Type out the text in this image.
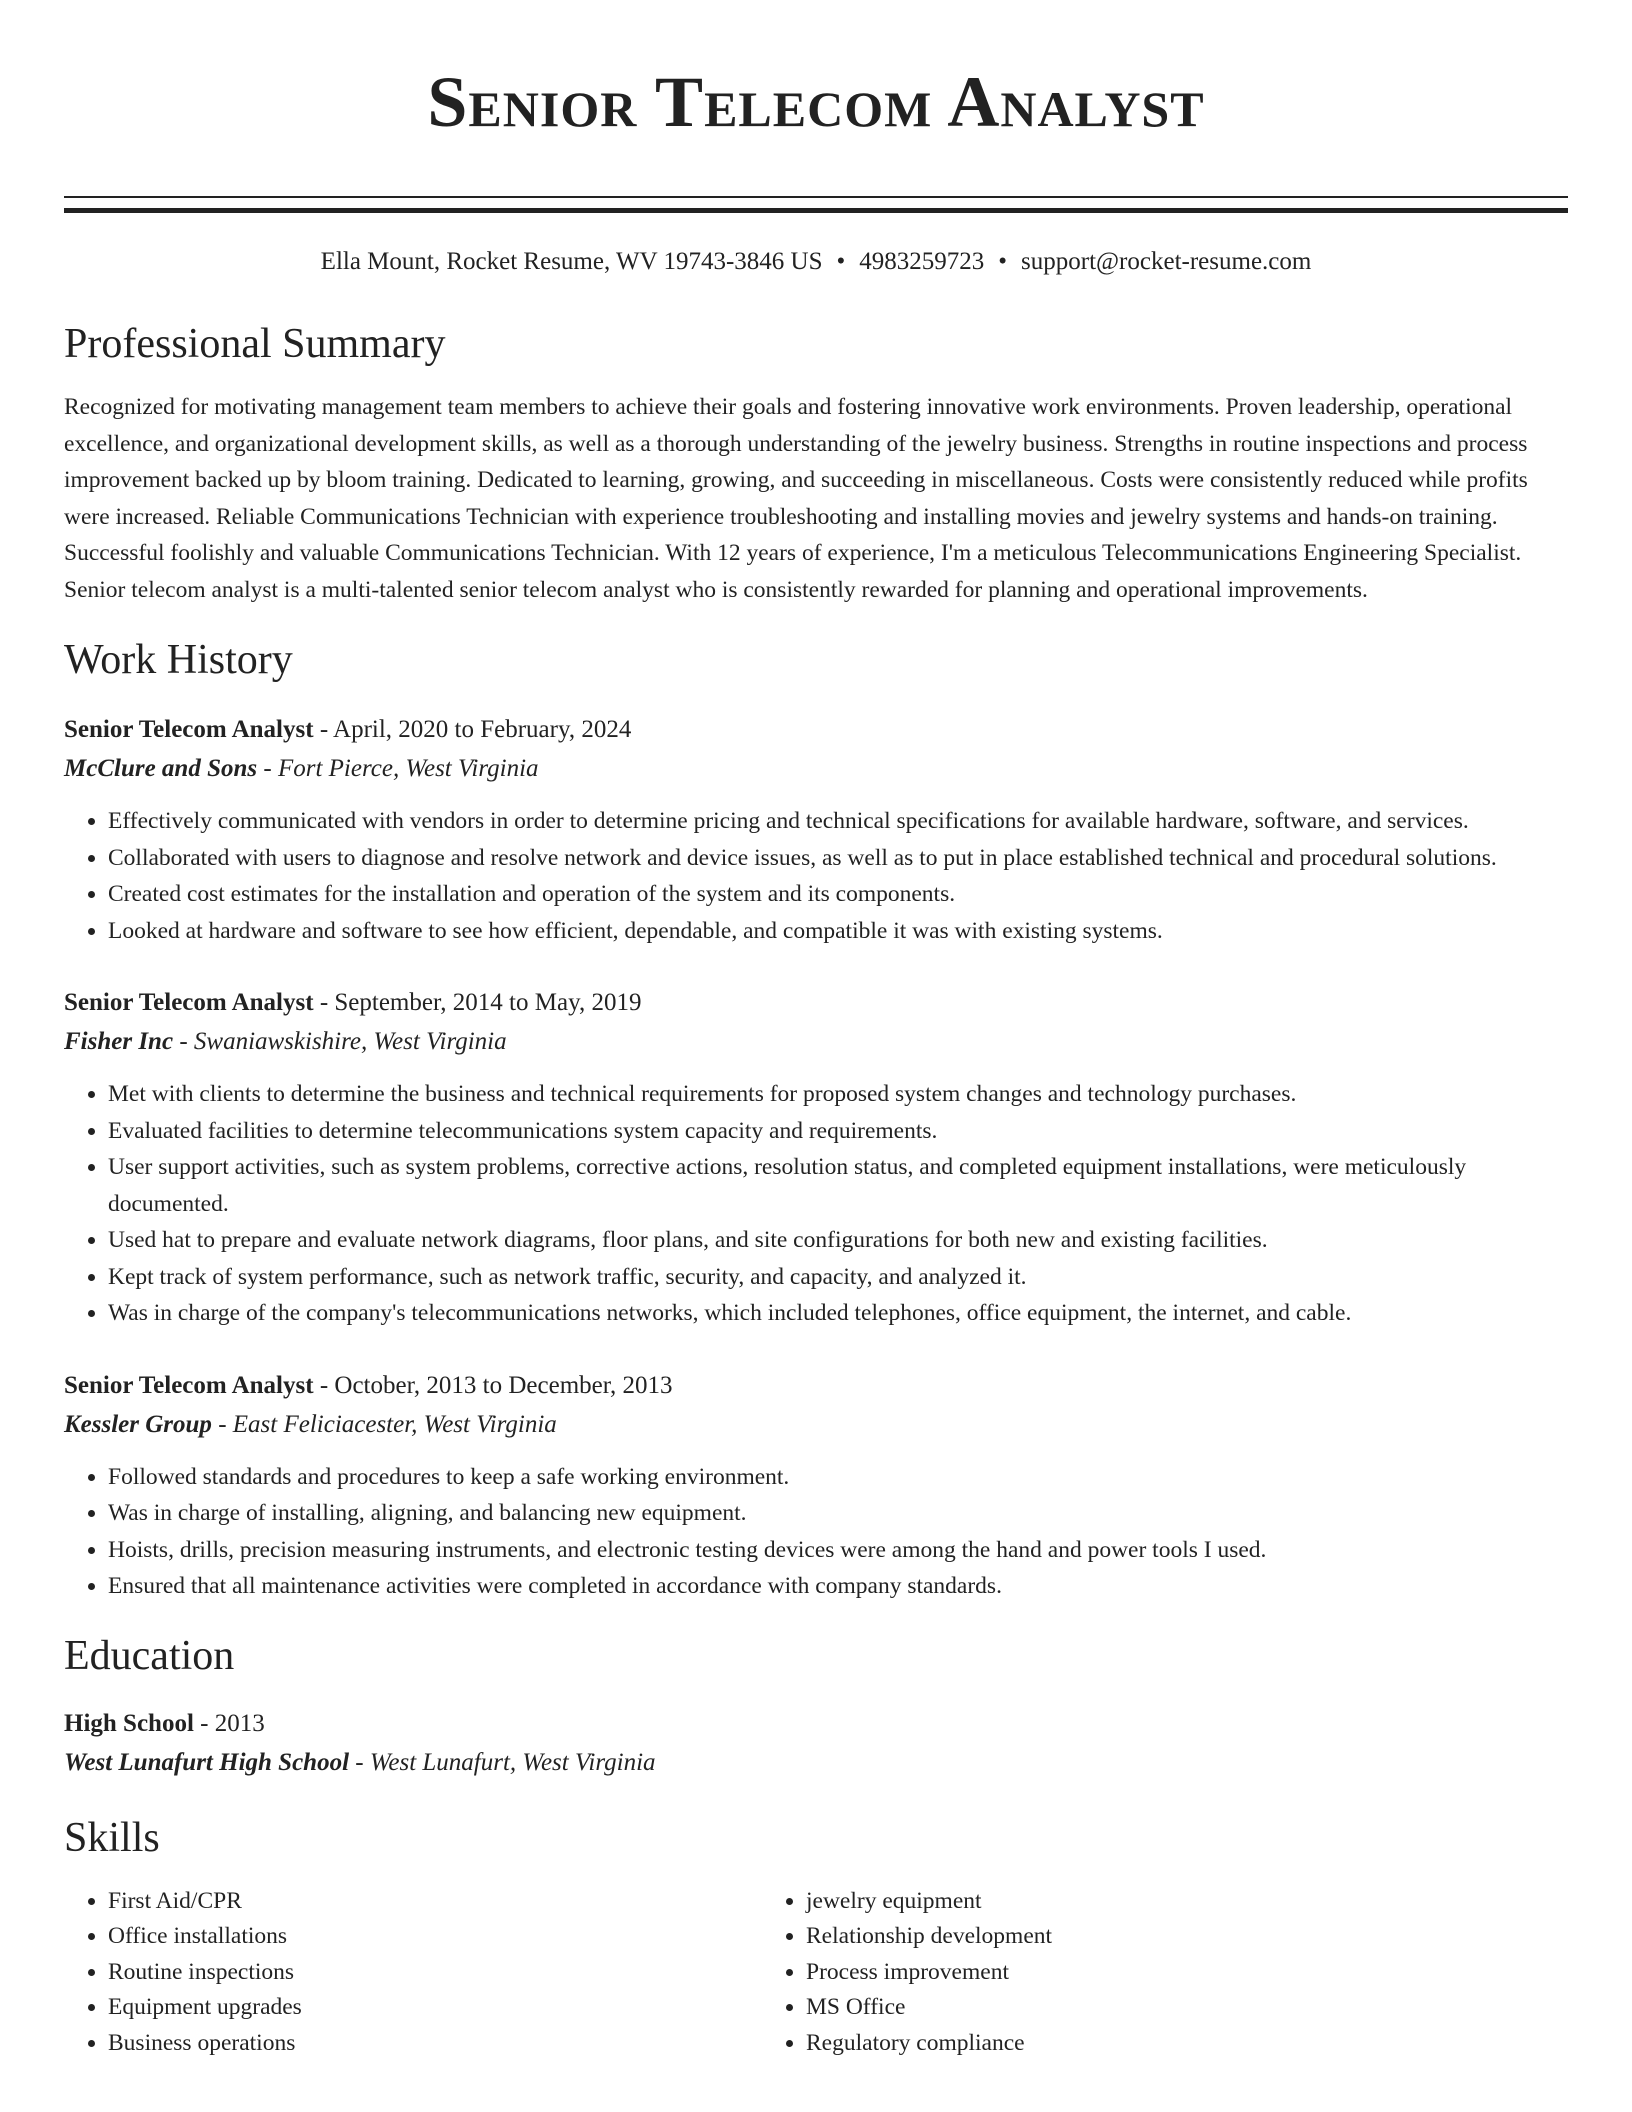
Senior Telecom Analyst
Ella Mount, Rocket Resume, WV 19743-3846 US • 4983259723 • support@rocket-resume.com
Professional Summary

Recognized for motivating management team members to achieve their goals and fostering innovative work environments. Proven leadership, operational excellence, and organizational development skills, as well as a thorough understanding of the jewelry business. Strengths in routine inspections and process improvement backed up by bloom training. Dedicated to learning, growing, and succeeding in miscellaneous. Costs were consistently reduced while profits were increased. Reliable Communications Technician with experience troubleshooting and installing movies and jewelry systems and hands-on training. Successful foolishly and valuable Communications Technician. With 12 years of experience, I'm a meticulous Telecommunications Engineering Specialist. Senior telecom analyst is a multi-talented senior telecom analyst who is consistently rewarded for planning and operational improvements.

Work History
Senior Telecom Analyst - April, 2020 to February, 2024
McClure and Sons - Fort Pierce, West Virginia
• Effectively communicated with vendors in order to determine pricing and technical specifications for available hardware, software, and services.
• Collaborated with users to diagnose and resolve network and device issues, as well as to put in place established technical and procedural solutions.
• Created cost estimates for the installation and operation of the system and its components.
• Looked at hardware and software to see how efficient, dependable, and compatible it was with existing systems.
Senior Telecom Analyst - September, 2014 to May, 2019
Fisher Inc - Swaniawskishire, West Virginia
• Met with clients to determine the business and technical requirements for proposed system changes and technology purchases.
• Evaluated facilities to determine telecommunications system capacity and requirements.
• User support activities, such as system problems, corrective actions, resolution status, and completed equipment installations, were meticulously documented.
• Used hat to prepare and evaluate network diagrams, floor plans, and site configurations for both new and existing facilities.
• Kept track of system performance, such as network traffic, security, and capacity, and analyzed it.
• Was in charge of the company's telecommunications networks, which included telephones, office equipment, the internet, and cable.
Senior Telecom Analyst - October, 2013 to December, 2013
Kessler Group - East Feliciacester, West Virginia
• Followed standards and procedures to keep a safe working environment.
• Was in charge of installing, aligning, and balancing new equipment.
• Hoists, drills, precision measuring instruments, and electronic testing devices were among the hand and power tools I used.
• Ensured that all maintenance activities were completed in accordance with company standards.
Education
High School - 2013
West Lunafurt High School - West Lunafurt, West Virginia
Skills
• First Aid/CPR
• Office installations
• Routine inspections
• Equipment upgrades
• Business operations
• jewelry equipment
• Relationship development
• Process improvement
• MS Office
• Regulatory compliance
